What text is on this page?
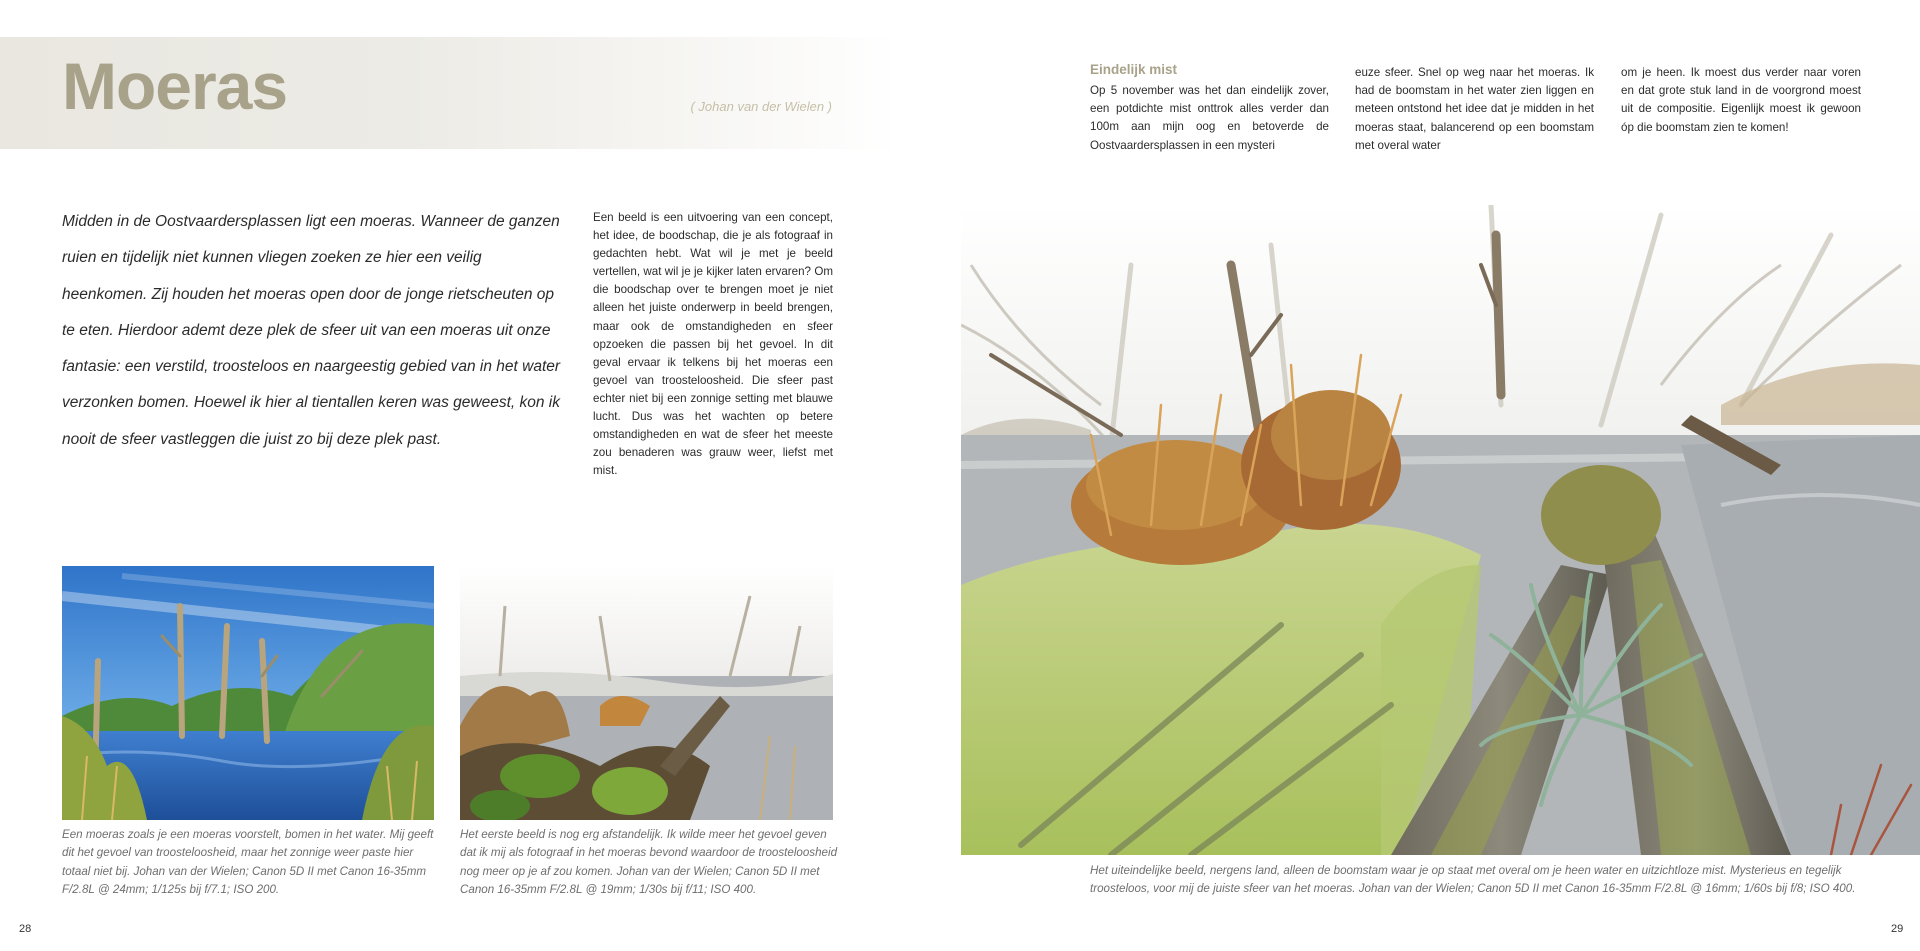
Moeras	( Johan van der Wielen )

Midden in de Oostvaardersplassen ligt een moeras. Wanneer de ganzen ruien en tijdelijk niet kunnen vliegen zoeken ze hier een veilig heenkomen. Zij houden het moeras open door de jonge rietscheuten op te eten. Hierdoor ademt deze plek de sfeer uit van een moeras uit onze fantasie: een verstild, troosteloos en naargeestig gebied van in het water verzonken bomen. Hoewel ik hier al tientallen keren was geweest, kon ik nooit de sfeer vastleggen die juist zo bij deze plek past.

Een beeld is een uitvoering van een concept, het idee, de boodschap, die je als fotograaf in gedachten hebt. Wat wil je met je beeld vertellen, wat wil je je kijker laten ervaren? Om die boodschap over te brengen moet je niet alleen het juiste onderwerp in beeld brengen, maar ook de omstandigheden en sfeer opzoeken die passen bij het gevoel. In dit geval ervaar ik telkens bij het moeras een gevoel van troosteloosheid. Die sfeer past echter niet bij een zonnige setting met blauwe lucht. Dus was het wachten op betere omstandigheden en wat de sfeer het meeste zou benaderen was grauw weer, liefst met mist.

Een moeras zoals je een moeras voorstelt, bomen in het water. Mij geeft dit het gevoel van troosteloosheid, maar het zonnige weer paste hier totaal niet bij. Johan van der Wielen; Canon 5D II met Canon 16-35mm F/2.8L @ 24mm; 1/125s bij f/7.1; ISO 200.

Het eerste beeld is nog erg afstandelijk. Ik wilde meer het gevoel geven dat ik mij als fotograaf in het moeras bevond waardoor de troosteloosheid nog meer op je af zou komen. Johan van der Wielen; Canon 5D II met Canon 16-35mm F/2.8L @ 19mm; 1/30s bij f/11; ISO 400.

Eindelijk mist

Op 5 november was het dan eindelijk zover, een potdichte mist onttrok alles verder dan 100m aan mijn oog en betoverde de Oostvaardersplassen in een mysteri

euze sfeer. Snel op weg naar het moeras. Ik had de boomstam in het water zien liggen en meteen ontstond het idee dat je midden in het moeras staat, balancerend op een boomstam met overal water

om je heen. Ik moest dus verder naar voren en dat grote stuk land in de voorgrond moest uit de compositie. Eigenlijk moest ik gewoon óp die boomstam zien te komen!

Het uiteindelijke beeld, nergens land, alleen de boomstam waar je op staat met overal om je heen water en uitzichtloze mist. Mysterieus en tegelijk troosteloos, voor mij de juiste sfeer van het moeras. Johan van der Wielen; Canon 5D II met Canon 16-35mm F/2.8L @ 16mm; 1/60s bij f/8; ISO 400.

28	29
